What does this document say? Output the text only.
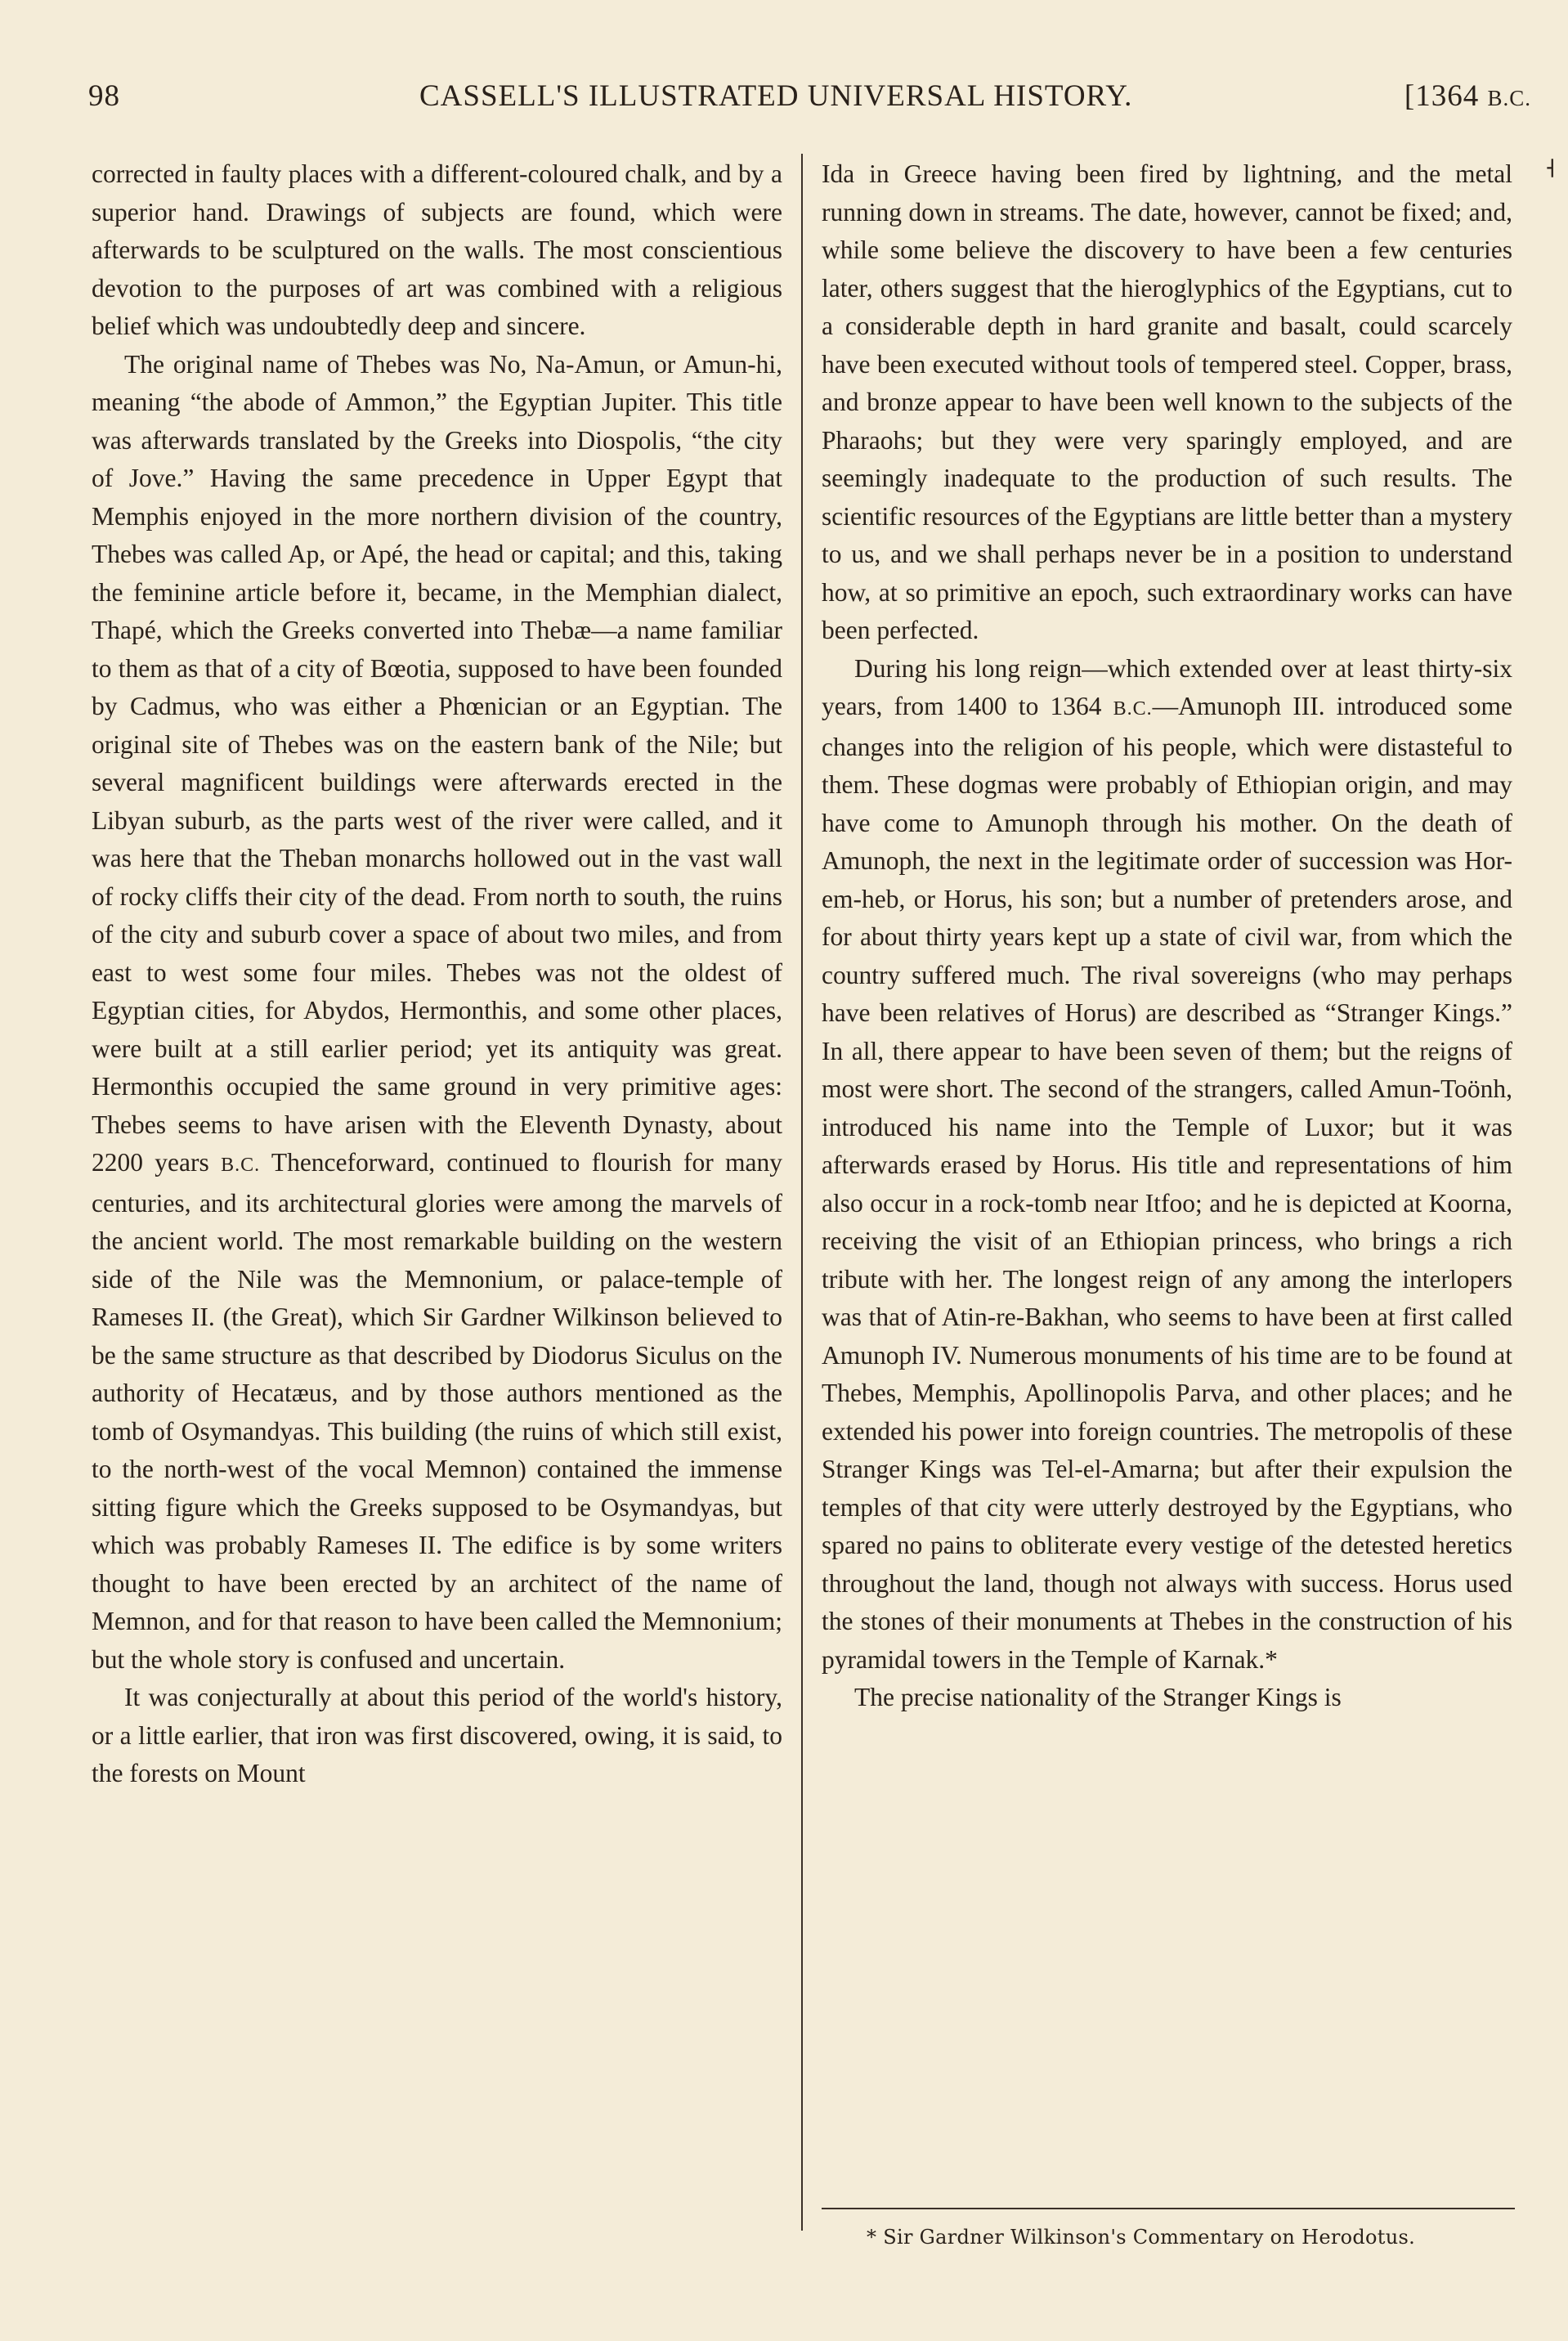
98	CASSELL'S ILLUSTRATED UNIVERSAL HISTORY.	[1364 B.C.

corrected in faulty places with a different-coloured chalk, and by a superior hand. Drawings of subjects are found, which were afterwards to be sculptured on the walls. The most conscientious devotion to the purposes of art was combined with a religious belief which was undoubtedly deep and sincere.

The original name of Thebes was No, Na-Amun, or Amun-hi, meaning “the abode of Ammon,” the Egyptian Jupiter. This title was afterwards translated by the Greeks into Diospolis, “the city of Jove.” Having the same precedence in Upper Egypt that Memphis enjoyed in the more northern division of the country, Thebes was called Ap, or Apé, the head or capital; and this, taking the feminine article before it, became, in the Memphian dialect, Thapé, which the Greeks converted into Thebæ—a name familiar to them as that of a city of Bœotia, supposed to have been founded by Cadmus, who was either a Phœnician or an Egyptian. The original site of Thebes was on the eastern bank of the Nile; but several magnificent buildings were afterwards erected in the Libyan suburb, as the parts west of the river were called, and it was here that the Theban monarchs hollowed out in the vast wall of rocky cliffs their city of the dead. From north to south, the ruins of the city and suburb cover a space of about two miles, and from east to west some four miles. Thebes was not the oldest of Egyptian cities, for Abydos, Hermonthis, and some other places, were built at a still earlier period; yet its antiquity was great. Hermonthis occupied the same ground in very primitive ages: Thebes seems to have arisen with the Eleventh Dynasty, about 2200 years B.C. Thenceforward, continued to flourish for many centuries, and its architectural glories were among the marvels of the ancient world. The most remarkable building on the western side of the Nile was the Memnonium, or palace-temple of Rameses II. (the Great), which Sir Gardner Wilkinson believed to be the same structure as that described by Diodorus Siculus on the authority of Hecatæus, and by those authors mentioned as the tomb of Osymandyas. This building (the ruins of which still exist, to the north-west of the vocal Memnon) contained the immense sitting figure which the Greeks supposed to be Osymandyas, but which was probably Rameses II. The edifice is by some writers thought to have been erected by an architect of the name of Memnon, and for that reason to have been called the Memnonium; but the whole story is confused and uncertain.

It was conjecturally at about this period of the world's history, or a little earlier, that iron was first discovered, owing, it is said, to the forests on Mount

Ida in Greece having been fired by lightning, and the metal running down in streams. The date, however, cannot be fixed; and, while some believe the discovery to have been a few centuries later, others suggest that the hieroglyphics of the Egyptians, cut to a considerable depth in hard granite and basalt, could scarcely have been executed without tools of tempered steel. Copper, brass, and bronze appear to have been well known to the subjects of the Pharaohs; but they were very sparingly employed, and are seemingly inadequate to the production of such results. The scientific resources of the Egyptians are little better than a mystery to us, and we shall perhaps never be in a position to understand how, at so primitive an epoch, such extraordinary works can have been perfected.

During his long reign—which extended over at least thirty-six years, from 1400 to 1364 B.C.—Amunoph III. introduced some changes into the religion of his people, which were distasteful to them. These dogmas were probably of Ethiopian origin, and may have come to Amunoph through his mother. On the death of Amunoph, the next in the legitimate order of succession was Hor-em-heb, or Horus, his son; but a number of pretenders arose, and for about thirty years kept up a state of civil war, from which the country suffered much. The rival sovereigns (who may perhaps have been relatives of Horus) are described as “Stranger Kings.” In all, there appear to have been seven of them; but the reigns of most were short. The second of the strangers, called Amun-Toönh, introduced his name into the Temple of Luxor; but it was afterwards erased by Horus. His title and representations of him also occur in a rock-tomb near Itfoo; and he is depicted at Koorna, receiving the visit of an Ethiopian princess, who brings a rich tribute with her. The longest reign of any among the interlopers was that of Atin-re-Bakhan, who seems to have been at first called Amunoph IV. Numerous monuments of his time are to be found at Thebes, Memphis, Apollinopolis Parva, and other places; and he extended his power into foreign countries. The metropolis of these Stranger Kings was Tel-el-Amarna; but after their expulsion the temples of that city were utterly destroyed by the Egyptians, who spared no pains to obliterate every vestige of the detested heretics throughout the land, though not always with success. Horus used the stones of their monuments at Thebes in the construction of his pyramidal towers in the Temple of Karnak.*

The precise nationality of the Stranger Kings is

˧
* Sir Gardner Wilkinson's Commentary on Herodotus.
